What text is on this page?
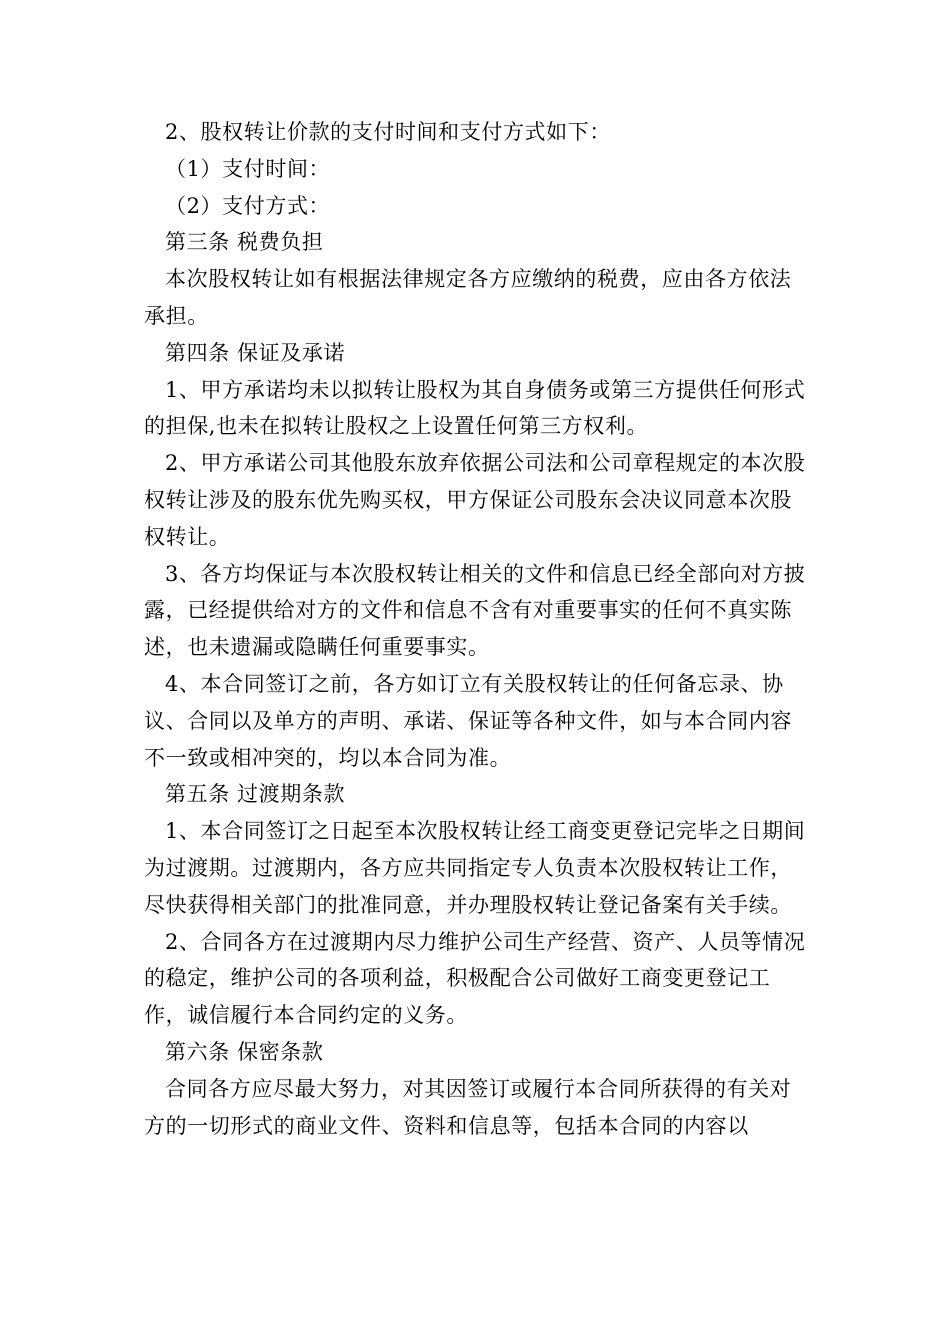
2、股权转让价款的支付时间和支付方式如下：

（1）支付时间：

（2）支付方式：

第三条 税费负担

本次股权转让如有根据法律规定各方应缴纳的税费，应由各方依法承担。

第四条 保证及承诺

1、甲方承诺均未以拟转让股权为其自身债务或第三方提供任何形式的担保,也未在拟转让股权之上设置任何第三方权利。

2、甲方承诺公司其他股东放弃依据公司法和公司章程规定的本次股权转让涉及的股东优先购买权，甲方保证公司股东会决议同意本次股权转让。

3、各方均保证与本次股权转让相关的文件和信息已经全部向对方披露，已经提供给对方的文件和信息不含有对重要事实的任何不真实陈述，也未遗漏或隐瞒任何重要事实。

4、本合同签订之前，各方如订立有关股权转让的任何备忘录、协议、合同以及单方的声明、承诺、保证等各种文件，如与本合同内容不一致或相冲突的，均以本合同为准。

第五条 过渡期条款

1、本合同签订之日起至本次股权转让经工商变更登记完毕之日期间为过渡期。过渡期内，各方应共同指定专人负责本次股权转让工作，尽快获得相关部门的批准同意，并办理股权转让登记备案有关手续。

2、合同各方在过渡期内尽力维护公司生产经营、资产、人员等情况的稳定，维护公司的各项利益，积极配合公司做好工商变更登记工作，诚信履行本合同约定的义务。

第六条 保密条款

合同各方应尽最大努力，对其因签订或履行本合同所获得的有关对方的一切形式的商业文件、资料和信息等，包括本合同的内容以
